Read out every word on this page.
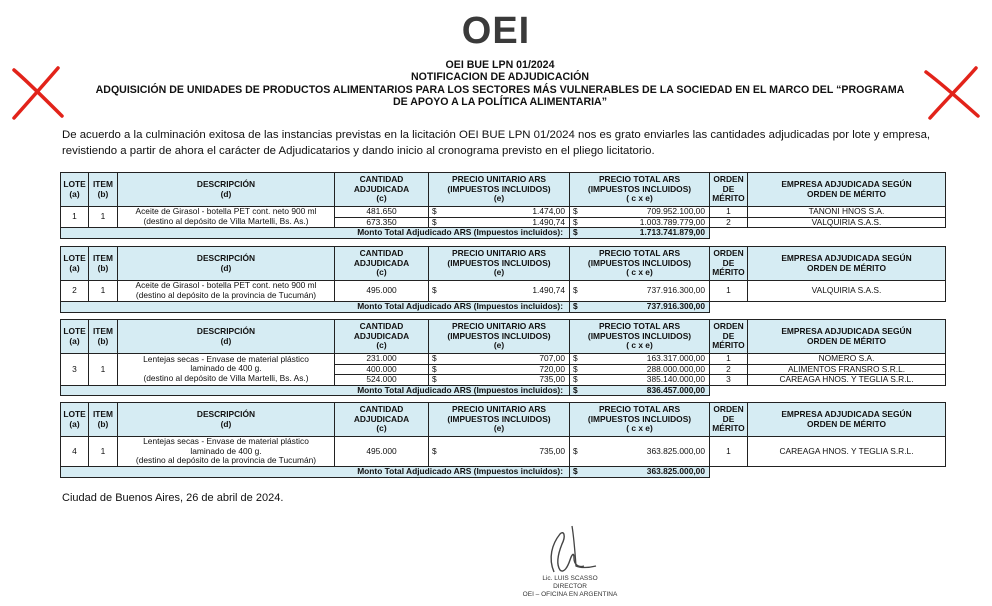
OEI
OEI BUE LPN 01/2024
NOTIFICACION DE ADJUDICACIÓN
ADQUISICIÓN DE UNIDADES DE PRODUCTOS ALIMENTARIOS PARA LOS SECTORES MÁS VULNERABLES DE LA SOCIEDAD EN EL MARCO DEL “PROGRAMA
DE APOYO A LA POLÍTICA ALIMENTARIA”
De acuerdo a la culminación exitosa de las instancias previstas en la licitación OEI BUE LPN 01/2024 nos es grato enviarles las cantidades adjudicadas por lote y empresa,
revistiendo a partir de ahora el carácter de Adjudicatarios y dando inicio al cronograma previsto en el pliego licitatorio.
LOTE
(a)	ITEM
(b)	DESCRIPCIÓN
(d)	CANTIDAD
ADJUDICADA
(c)	PRECIO UNITARIO ARS
(IMPUESTOS INCLUIDOS)
(e)		PRECIO TOTAL ARS
(IMPUESTOS INCLUIDOS)
( c x e)		ORDEN
DE
MÉRITO	EMPRESA ADJUDICADA SEGÚN
ORDEN DE MÉRITO
1	1	Aceite de Girasol - botella PET cont. neto 900 ml
(destino al depósito de Villa Martelli, Bs. As.)	481.650	$	1.474,00	$	709.952.100,00	1	TANONI HNOS S.A.
			673.350	$	1.490,74	$	1.003.789.779,00	2	VALQUIRIA S.A.S.
Monto Total Adjudicado ARS (Impuestos incluidos):						$	1.713.741.879,00		
LOTE
(a)	ITEM
(b)	DESCRIPCIÓN
(d)	CANTIDAD
ADJUDICADA
(c)	PRECIO UNITARIO ARS
(IMPUESTOS INCLUIDOS)
(e)		PRECIO TOTAL ARS
(IMPUESTOS INCLUIDOS)
( c x e)		ORDEN
DE
MÉRITO	EMPRESA ADJUDICADA SEGÚN
ORDEN DE MÉRITO
2	1	Aceite de Girasol - botella PET cont. neto 900 ml
(destino al depósito de la provincia de Tucumán)	495.000	$	1.490,74	$	737.916.300,00	1	VALQUIRIA S.A.S.
Monto Total Adjudicado ARS (Impuestos incluidos):						$	737.916.300,00		
LOTE
(a)	ITEM
(b)	DESCRIPCIÓN
(d)	CANTIDAD
ADJUDICADA
(c)	PRECIO UNITARIO ARS
(IMPUESTOS INCLUIDOS)
(e)		PRECIO TOTAL ARS
(IMPUESTOS INCLUIDOS)
( c x e)		ORDEN
DE
MÉRITO	EMPRESA ADJUDICADA SEGÚN
ORDEN DE MÉRITO
3	1	Lentejas secas - Envase de material plástico
laminado de 400 g.
(destino al depósito de Villa Martelli, Bs. As.)	231.000	$	707,00	$	163.317.000,00	1	NOMERO S.A.
			400.000	$	720,00	$	288.000.000,00	2	ALIMENTOS FRANSRO S.R.L.
			524.000	$	735,00	$	385.140.000,00	3	CAREAGA HNOS. Y TEGLIA S.R.L.
Monto Total Adjudicado ARS (Impuestos incluidos):						$	836.457.000,00		
LOTE
(a)	ITEM
(b)	DESCRIPCIÓN
(d)	CANTIDAD
ADJUDICADA
(c)	PRECIO UNITARIO ARS
(IMPUESTOS INCLUIDOS)
(e)		PRECIO TOTAL ARS
(IMPUESTOS INCLUIDOS)
( c x e)		ORDEN
DE
MÉRITO	EMPRESA ADJUDICADA SEGÚN
ORDEN DE MÉRITO
4	1	Lentejas secas - Envase de material plástico
laminado de 400 g.
(destino al depósito de la provincia de Tucumán)	495.000	$	735,00	$	363.825.000,00	1	CAREAGA HNOS. Y TEGLIA S.R.L.
Monto Total Adjudicado ARS (Impuestos incluidos):						$	363.825.000,00		
Ciudad de Buenos Aires, 26 de abril de 2024.
Lic. LUIS SCASSO
DIRECTOR
OEI – OFICINA EN ARGENTINA
